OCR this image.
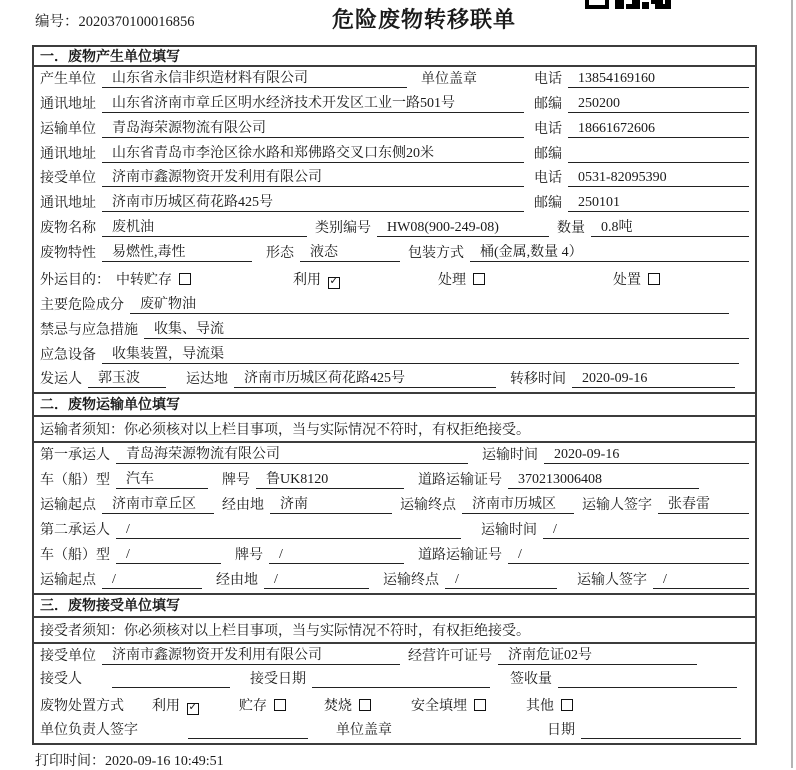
编号：2020370100016856	危险废物转移联单
一．废物产生单位填写
产生单位	山东省永信非织造材料有限公司	单位盖章	电话	13854169160
通讯地址	山东省济南市章丘区明水经济技术开发区工业一路501号	邮编	250200
运输单位	青岛海荣源物流有限公司	电话	18661672606
通讯地址	山东省青岛市李沧区徐水路和郑佛路交叉口东侧20米	邮编
接受单位	济南市鑫源物资开发利用有限公司	电话	0531-82095390
通讯地址	济南市历城区荷花路425号	邮编	250101
废物名称	废机油	类别编号	HW08(900-249-08)	数量	0.8吨
废物特性	易燃性,毒性	形态	液态	包装方式	桶(金属,数量 4）
外运目的： 中转贮存	利用 ✓	处理	处置
主要危险成分	废矿物油
禁忌与应急措施	收集、导流
应急设备	收集装置，导流渠
发运人	郭玉波	运达地	济南市历城区荷花路425号	转移时间	2020-09-16
二．废物运输单位填写
运输者须知：你必须核对以上栏目事项，当与实际情况不符时，有权拒绝接受。
第一承运人	青岛海荣源物流有限公司	运输时间	2020-09-16
车（船）型	汽车	牌号	鲁UK8120	道路运输证号	370213006408
运输起点	济南市章丘区	经由地	济南	运输终点	济南市历城区	运输人签字	张春雷
第二承运人	/	运输时间	/
车（船）型	/	牌号	/	道路运输证号	/
运输起点	/	经由地	/	运输终点	/	运输人签字	/
三．废物接受单位填写
接受者须知：你必须核对以上栏目事项，当与实际情况不符时，有权拒绝接受。
接受单位	济南市鑫源物资开发利用有限公司	经营许可证号	济南危证02号
接受人	接受日期	签收量
废物处置方式 利用 ✓	贮存	焚烧	安全填埋	其他
单位负责人签字	单位盖章	日期
打印时间：2020-09-16 10:49:51
